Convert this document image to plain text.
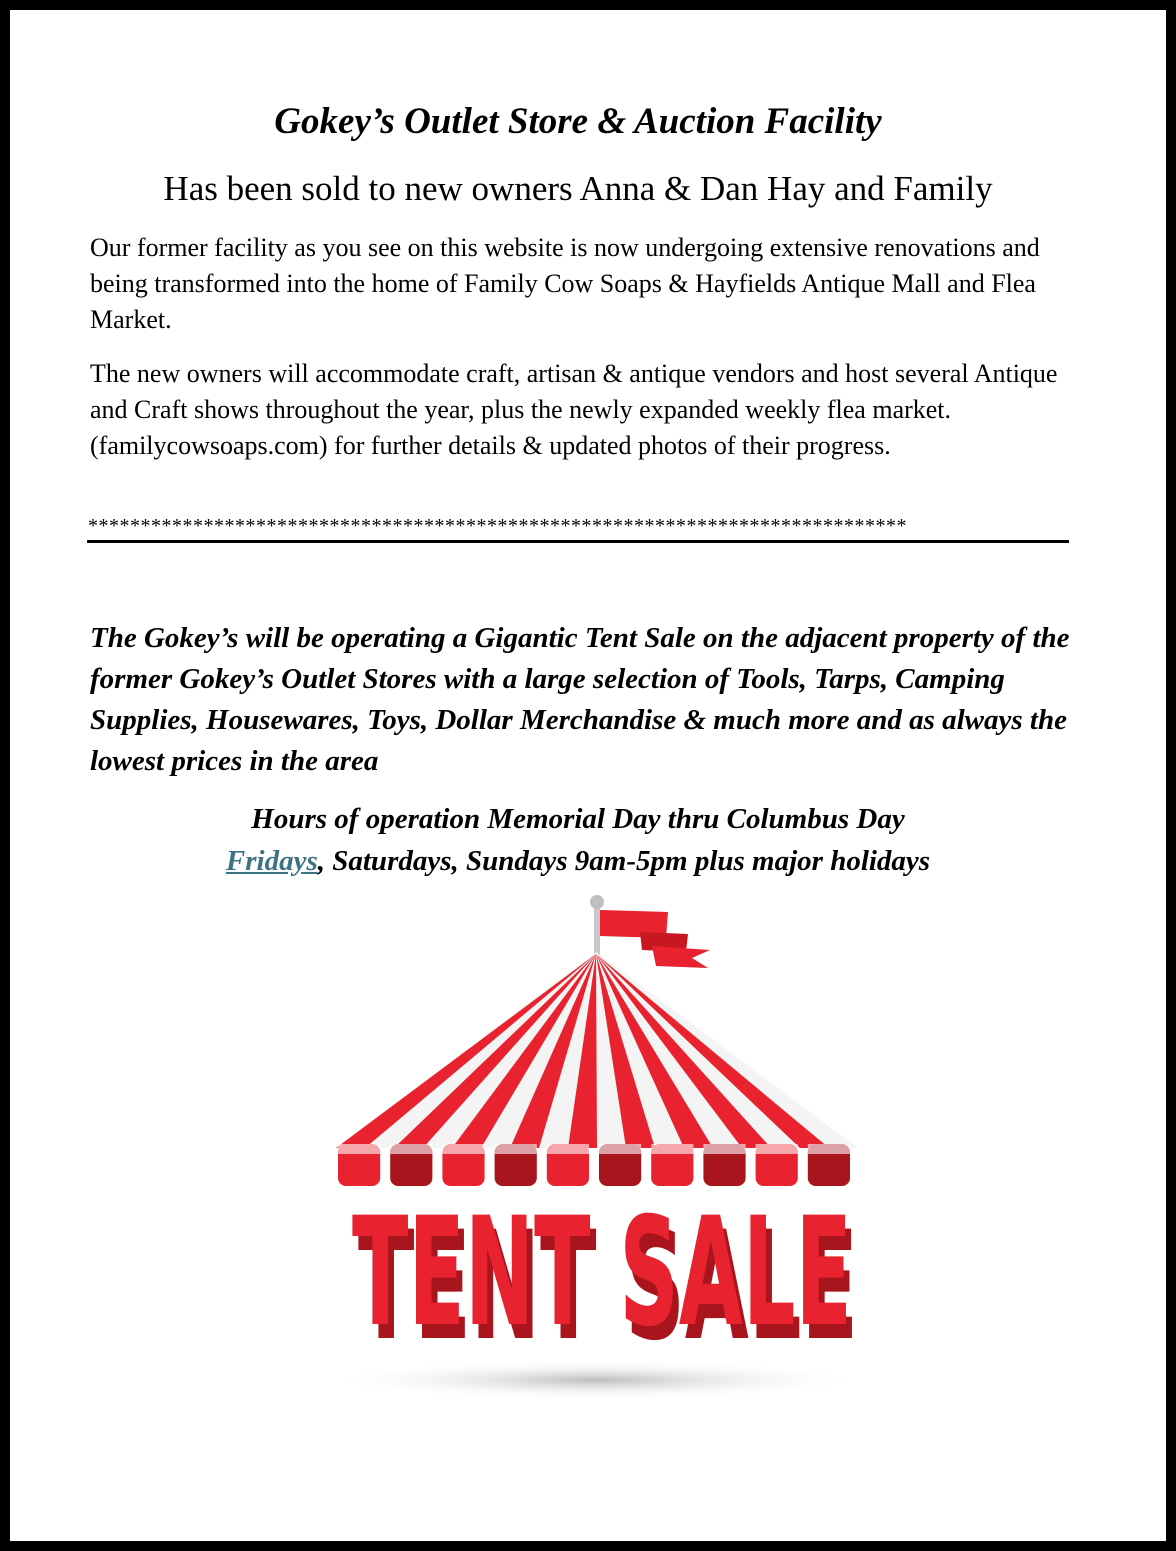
Gokey’s Outlet Store & Auction Facility
Has been sold to new owners Anna & Dan Hay and Family
Our former facility as you see on this website is now undergoing extensive renovations and being transformed into the home of Family Cow Soaps & Hayfields Antique Mall and Flea Market.
The new owners will accommodate craft, artisan & antique vendors and host several Antique and Craft shows throughout the year, plus the newly expanded weekly flea market. (familycowsoaps.com) for further details & updated photos of their progress.
******************************************************************************
The Gokey’s will be operating a Gigantic Tent Sale on the adjacent property of the former Gokey’s Outlet Stores with a large selection of Tools, Tarps, Camping Supplies, Housewares, Toys, Dollar Merchandise & much more and as always the lowest prices in the area
Hours of operation Memorial Day thru Columbus Day
Fridays, Saturdays, Sundays 9am-5pm plus major holidays
TENT SALE
TENT SALE
